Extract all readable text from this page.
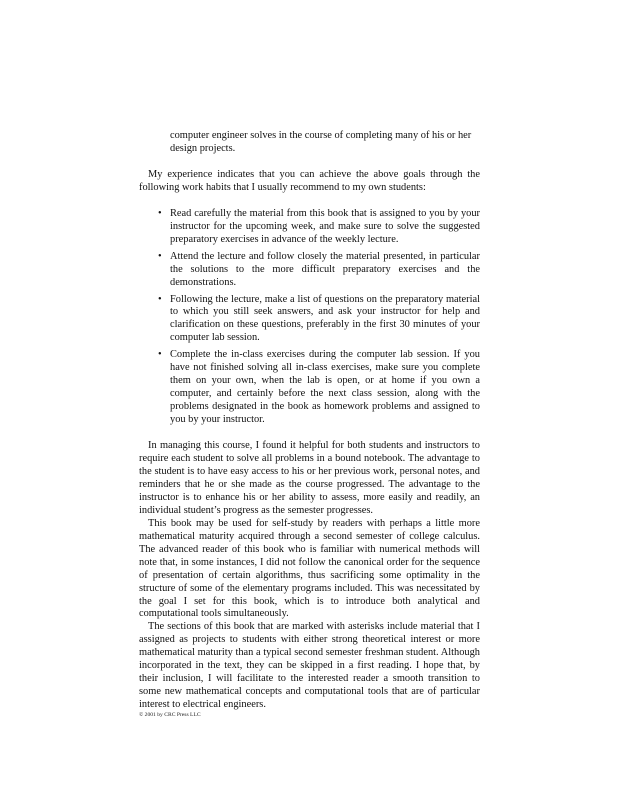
computer engineer solves in the course of completing many of his or her design projects.

My experience indicates that you can achieve the above goals through the following work habits that I usually recommend to my own students:

• Read carefully the material from this book that is assigned to you by your instructor for the upcoming week, and make sure to solve the suggested preparatory exercises in advance of the weekly lecture.
• Attend the lecture and follow closely the material presented, in particular the solutions to the more difficult preparatory exercises and the demonstrations.
• Following the lecture, make a list of questions on the preparatory material to which you still seek answers, and ask your instructor for help and clarification on these questions, preferably in the first 30 minutes of your computer lab session.
• Complete the in-class exercises during the computer lab session. If you have not finished solving all in-class exercises, make sure you complete them on your own, when the lab is open, or at home if you own a computer, and certainly before the next class session, along with the problems designated in the book as homework problems and assigned to you by your instructor.

In managing this course, I found it helpful for both students and instructors to require each student to solve all problems in a bound notebook. The advantage to the student is to have easy access to his or her previous work, personal notes, and reminders that he or she made as the course progressed. The advantage to the instructor is to enhance his or her ability to assess, more easily and readily, an individual student’s progress as the semester progresses.

This book may be used for self-study by readers with perhaps a little more mathematical maturity acquired through a second semester of college calculus. The advanced reader of this book who is familiar with numerical methods will note that, in some instances, I did not follow the canonical order for the sequence of presentation of certain algorithms, thus sacrificing some optimality in the structure of some of the elementary programs included. This was necessitated by the goal I set for this book, which is to introduce both analytical and computational tools simultaneously.

The sections of this book that are marked with asterisks include material that I assigned as projects to students with either strong theoretical interest or more mathematical maturity than a typical second semester freshman student. Although incorporated in the text, they can be skipped in a first reading. I hope that, by their inclusion, I will facilitate to the interested reader a smooth transition to some new mathematical concepts and computational tools that are of particular interest to electrical engineers.

© 2001 by CRC Press LLC
